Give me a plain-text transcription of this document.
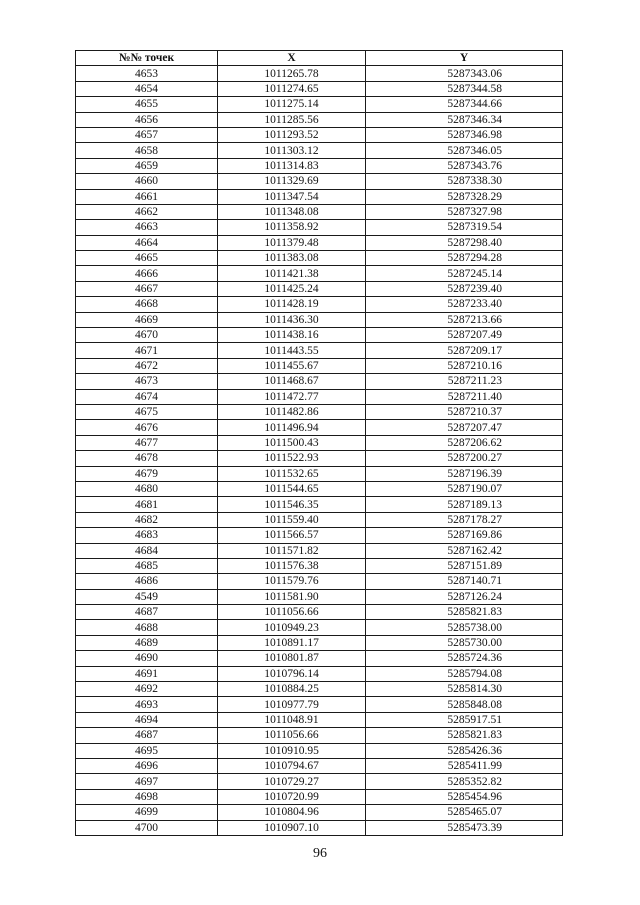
№№ точек	X	Y
4653	1011265.78	5287343.06
4654	1011274.65	5287344.58
4655	1011275.14	5287344.66
4656	1011285.56	5287346.34
4657	1011293.52	5287346.98
4658	1011303.12	5287346.05
4659	1011314.83	5287343.76
4660	1011329.69	5287338.30
4661	1011347.54	5287328.29
4662	1011348.08	5287327.98
4663	1011358.92	5287319.54
4664	1011379.48	5287298.40
4665	1011383.08	5287294.28
4666	1011421.38	5287245.14
4667	1011425.24	5287239.40
4668	1011428.19	5287233.40
4669	1011436.30	5287213.66
4670	1011438.16	5287207.49
4671	1011443.55	5287209.17
4672	1011455.67	5287210.16
4673	1011468.67	5287211.23
4674	1011472.77	5287211.40
4675	1011482.86	5287210.37
4676	1011496.94	5287207.47
4677	1011500.43	5287206.62
4678	1011522.93	5287200.27
4679	1011532.65	5287196.39
4680	1011544.65	5287190.07
4681	1011546.35	5287189.13
4682	1011559.40	5287178.27
4683	1011566.57	5287169.86
4684	1011571.82	5287162.42
4685	1011576.38	5287151.89
4686	1011579.76	5287140.71
4549	1011581.90	5287126.24
4687	1011056.66	5285821.83
4688	1010949.23	5285738.00
4689	1010891.17	5285730.00
4690	1010801.87	5285724.36
4691	1010796.14	5285794.08
4692	1010884.25	5285814.30
4693	1010977.79	5285848.08
4694	1011048.91	5285917.51
4687	1011056.66	5285821.83
4695	1010910.95	5285426.36
4696	1010794.67	5285411.99
4697	1010729.27	5285352.82
4698	1010720.99	5285454.96
4699	1010804.96	5285465.07
4700	1010907.10	5285473.39
96
